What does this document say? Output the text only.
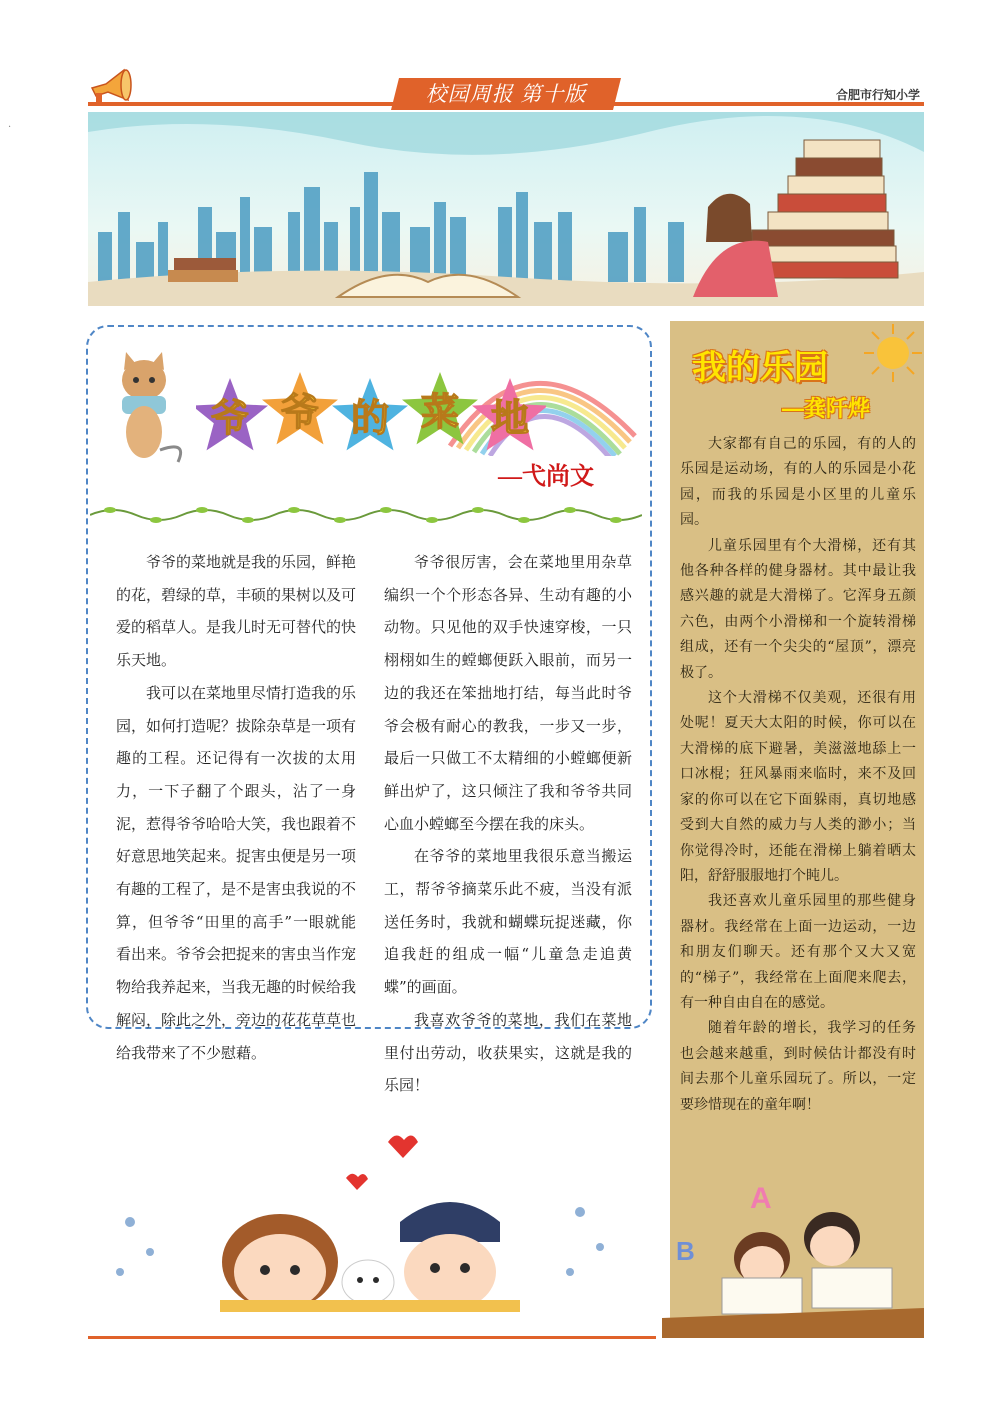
·
校园周报 第十版	合肥市行知小学
爷 爷 的 菜 地
—弋尚文

爷爷的菜地就是我的乐园，鲜艳的花，碧绿的草，丰硕的果树以及可爱的稻草人。是我儿时无可替代的快乐天地。

我可以在菜地里尽情打造我的乐园，如何打造呢？拔除杂草是一项有趣的工程。还记得有一次拔的太用力，一下子翻了个跟头，沾了一身泥，惹得爷爷哈哈大笑，我也跟着不好意思地笑起来。捉害虫便是另一项有趣的工程了，是不是害虫我说的不算，但爷爷“田里的高手”一眼就能看出来。爷爷会把捉来的害虫当作宠物给我养起来，当我无趣的时候给我解闷，除此之外，旁边的花花草草也给我带来了不少慰藉。

爷爷很厉害，会在菜地里用杂草编织一个个形态各异、生动有趣的小动物。只见他的双手快速穿梭，一只栩栩如生的螳螂便跃入眼前，而另一边的我还在笨拙地打结，每当此时爷爷会极有耐心的教我，一步又一步，最后一只做工不太精细的小螳螂便新鲜出炉了，这只倾注了我和爷爷共同心血小螳螂至今摆在我的床头。

在爷爷的菜地里我很乐意当搬运工，帮爷爷摘菜乐此不疲，当没有派送任务时，我就和蝴蝶玩捉迷藏，你追我赶的组成一幅“儿童急走追黄蝶”的画面。

我喜欢爷爷的菜地，我们在菜地里付出劳动，收获果实，这就是我的乐园！

我的乐园
—龚阡烨

大家都有自己的乐园，有的人的乐园是运动场，有的人的乐园是小花园，而我的乐园是小区里的儿童乐园。

儿童乐园里有个大滑梯，还有其他各种各样的健身器材。其中最让我感兴趣的就是大滑梯了。它浑身五颜六色，由两个小滑梯和一个旋转滑梯组成，还有一个尖尖的“屋顶”，漂亮极了。

这个大滑梯不仅美观，还很有用处呢！夏天大太阳的时候，你可以在大滑梯的底下避暑，美滋滋地舔上一口冰棍；狂风暴雨来临时，来不及回家的你可以在它下面躲雨，真切地感受到大自然的威力与人类的渺小；当你觉得冷时，还能在滑梯上躺着晒太阳，舒舒服服地打个盹儿。

我还喜欢儿童乐园里的那些健身器材。我经常在上面一边运动，一边和朋友们聊天。还有那个又大又宽的“梯子”，我经常在上面爬来爬去，有一种自由自在的感觉。

随着年龄的增长，我学习的任务也会越来越重，到时候估计都没有时间去那个儿童乐园玩了。所以，一定要珍惜现在的童年啊！

A
B
